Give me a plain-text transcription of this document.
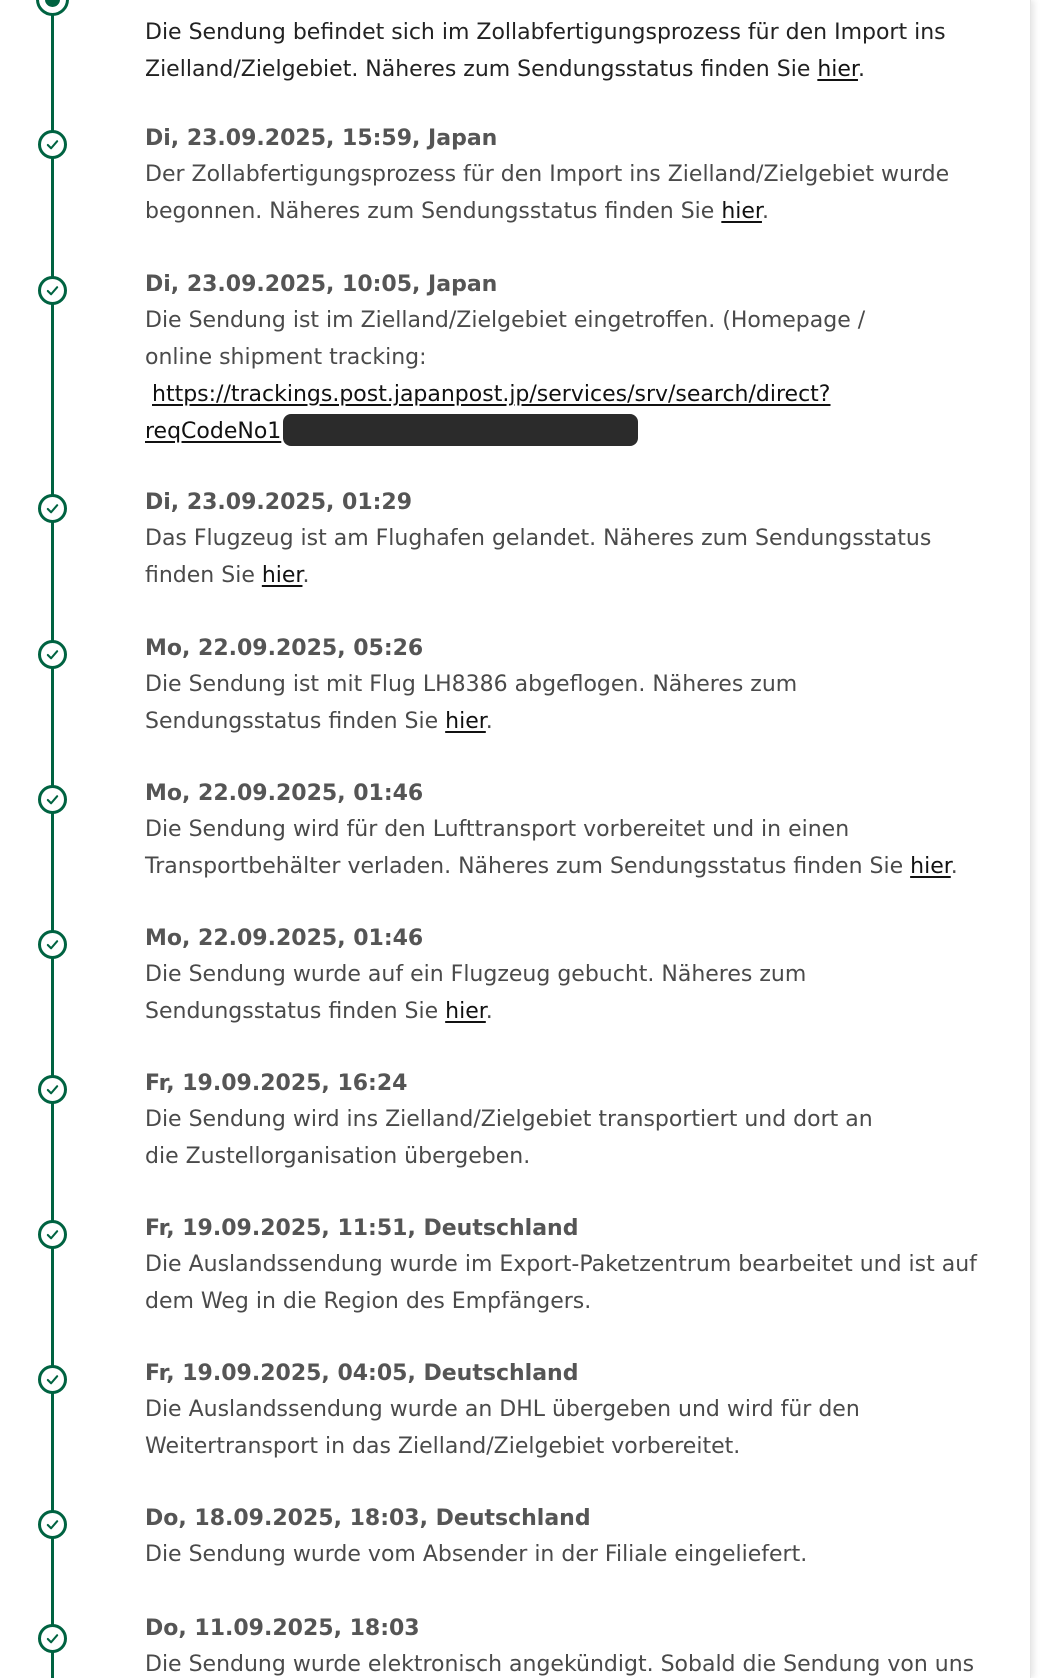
Die Sendung befindet sich im Zollabfertigungsprozess für den Import ins Zielland/Zielgebiet. Näheres zum Sendungsstatus finden Sie hier.
Di, 23.09.2025, 15:59, Japan
Der Zollabfertigungsprozess für den Import ins Zielland/Zielgebiet wurde begonnen. Näheres zum Sendungsstatus finden Sie hier.
Di, 23.09.2025, 10:05, Japan
Die Sendung ist im Zielland/Zielgebiet eingetroffen. (Homepage / online shipment tracking:
https://trackings.post.japanpost.jp/services/srv/search/direct?
reqCodeNo1
Di, 23.09.2025, 01:29
Das Flugzeug ist am Flughafen gelandet. Näheres zum Sendungsstatus finden Sie hier.
Mo, 22.09.2025, 05:26
Die Sendung ist mit Flug LH8386 abgeflogen. Näheres zum Sendungsstatus finden Sie hier.
Mo, 22.09.2025, 01:46
Die Sendung wird für den Lufttransport vorbereitet und in einen Transportbehälter verladen. Näheres zum Sendungsstatus finden Sie hier.
Mo, 22.09.2025, 01:46
Die Sendung wurde auf ein Flugzeug gebucht. Näheres zum Sendungsstatus finden Sie hier.
Fr, 19.09.2025, 16:24
Die Sendung wird ins Zielland/Zielgebiet transportiert und dort an die Zustellorganisation übergeben.
Fr, 19.09.2025, 11:51, Deutschland
Die Auslandssendung wurde im Export-Paketzentrum bearbeitet und ist auf dem Weg in die Region des Empfängers.
Fr, 19.09.2025, 04:05, Deutschland
Die Auslandssendung wurde an DHL übergeben und wird für den Weitertransport in das Zielland/Zielgebiet vorbereitet.
Do, 18.09.2025, 18:03, Deutschland
Die Sendung wurde vom Absender in der Filiale eingeliefert.
Do, 11.09.2025, 18:03
Die Sendung wurde elektronisch angekündigt. Sobald die Sendung von uns
